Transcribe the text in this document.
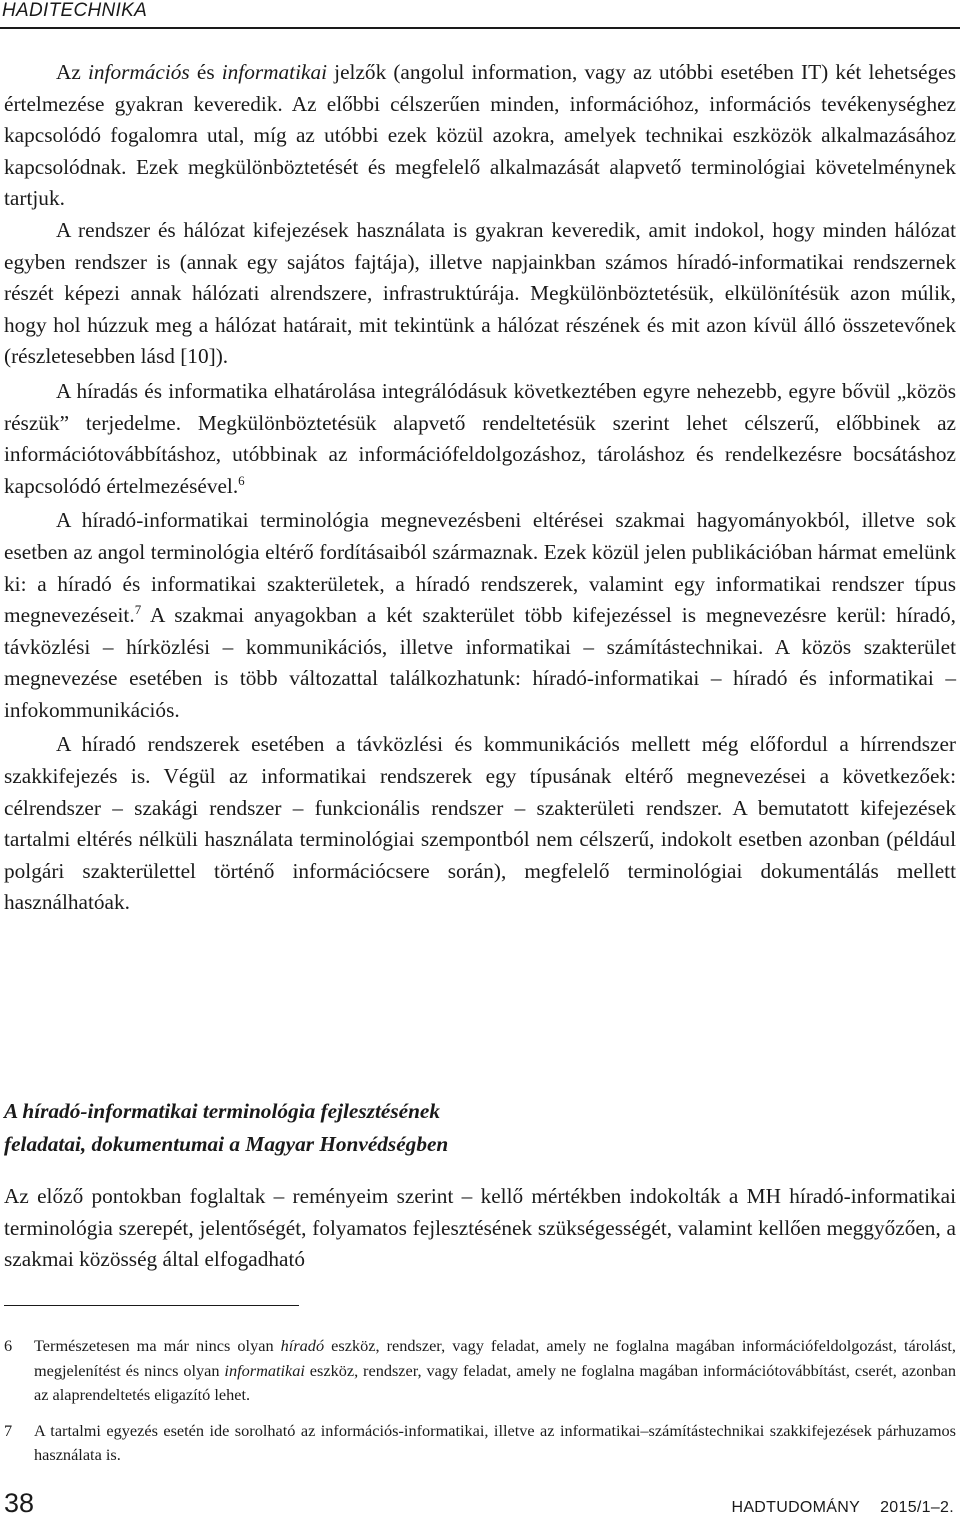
HADITECHNIKA

Az információs és informatikai jelzők (angolul information, vagy az utóbbi esetében IT) két lehetséges értelmezése gyakran keveredik. Az előbbi célszerűen minden, információhoz, információs tevékenységhez kapcsolódó fogalomra utal, míg az utóbbi ezek közül azokra, amelyek technikai eszközök alkalmazásához kapcsolódnak. Ezek megkülönböztetését és megfelelő alkalmazását alapvető terminológiai követelménynek tartjuk.

A rendszer és hálózat kifejezések használata is gyakran keveredik, amit indokol, hogy minden hálózat egyben rendszer is (annak egy sajátos fajtája), illetve napjainkban számos híradó-informatikai rendszernek részét képezi annak hálózati alrendszere, infrastruktúrája. Megkülönböztetésük, elkülönítésük azon múlik, hogy hol húzzuk meg a hálózat határait, mit tekintünk a hálózat részének és mit azon kívül álló összetevőnek (részletesebben lásd [10]).

A híradás és informatika elhatárolása integrálódásuk következtében egyre nehezebb, egyre bővül „közös részük” terjedelme. Megkülönböztetésük alapvető rendeltetésük szerint lehet célszerű, előbbinek az információtovábbításhoz, utóbbinak az információfeldolgozáshoz, tároláshoz és rendelkezésre bocsátáshoz kapcsolódó értelmezésével.$^6$

A híradó-informatikai terminológia megnevezésbeni eltérései szakmai hagyományokból, illetve sok esetben az angol terminológia eltérő fordításaiból származnak. Ezek közül jelen publikációban hármat emelünk ki: a híradó és informatikai szakterületek, a híradó rendszerek, valamint egy informatikai rendszer típus megnevezéseit.$^7$ A szakmai anyagokban a két szakterület több kifejezéssel is megnevezésre kerül: híradó, távközlési – hírközlési – kommunikációs, illetve informatikai – számítástechnikai. A közös szakterület megnevezése esetében is több változattal találkozhatunk: híradó-informatikai – híradó és informatikai – infokommunikációs.

A híradó rendszerek esetében a távközlési és kommunikációs mellett még előfordul a hírrendszer szakkifejezés is. Végül az informatikai rendszerek egy típusának eltérő megnevezései a következőek: célrendszer – szakági rendszer – funkcionális rendszer – szakterületi rendszer. A bemutatott kifejezések tartalmi eltérés nélküli használata terminológiai szempontból nem célszerű, indokolt esetben azonban (például polgári szakterülettel történő információcsere során), megfelelő terminológiai dokumentálás mellett használhatóak.

A híradó-informatikai terminológia fejlesztésének
feladatai, dokumentumai a Magyar Honvédségben

Az előző pontokban foglaltak – reményeim szerint – kellő mértékben indokolták a MH híradó-informatikai terminológia szerepét, jelentőségét, folyamatos fejlesztésének szükségességét, valamint kellően meggyőzően, a szakmai közösség által elfogadható

6	Természetesen ma már nincs olyan híradó eszköz, rendszer, vagy feladat, amely ne foglalna magában információfeldolgozást, tárolást, megjelenítést és nincs olyan informatikai eszköz, rendszer, vagy feladat, amely ne foglalna magában információtovábbítást, cserét, azonban az alaprendeltetés eligazító lehet.
7	A tartalmi egyezés esetén ide sorolható az információs-informatikai, illetve az informatikai–számítástechnikai szakkifejezések párhuzamos használata is.
38	HADTUDOMÁNY 2015/1–2.
